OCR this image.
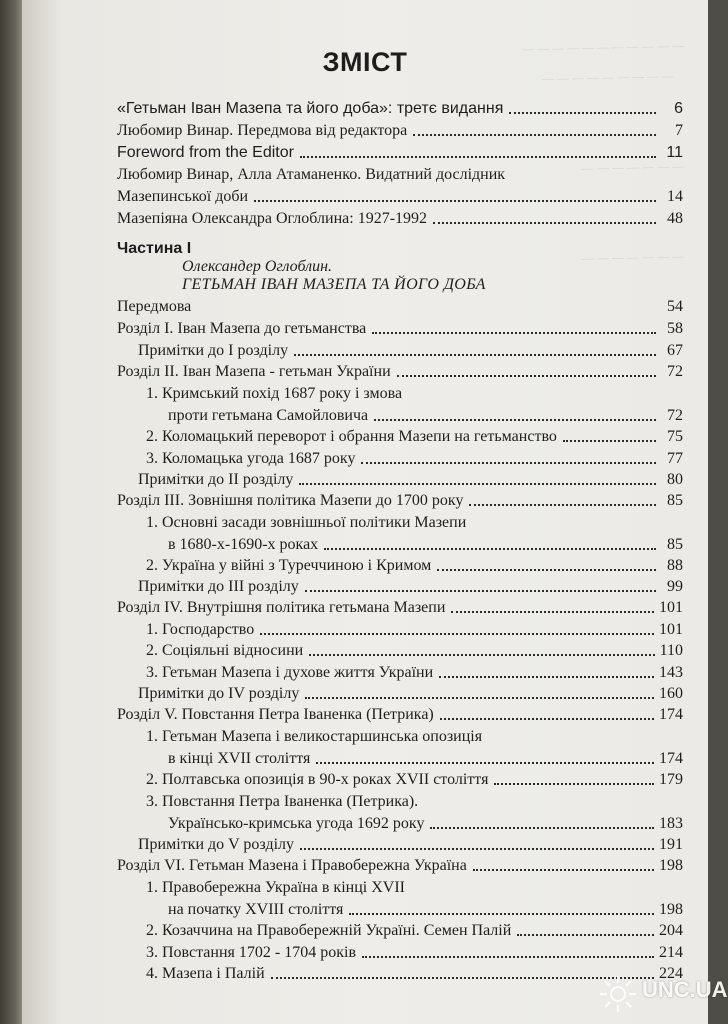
— — — — — — — — — — —
— — — — — — — — —
— — — — — — —
— — — — — — —
ЗМІСТ
«Гетьман Іван Мазепа та його доба»: третє видання	6
Любомир Винар. Передмова від редактора	7
Foreword from the Editor	11
Любомир Винар, Алла Атаманенко. Видатний дослідник
Мазепинської доби	14
Мазепіяна Олександра Оглоблина: 1927-1992	48
Частина І
Олександер Оглоблин.
ГЕТЬМАН ІВАН МАЗЕПА ТА ЙОГО ДОБА
Передмова	54
Розділ І. Іван Мазепа до гетьманства	58
Примітки до І розділу	67
Розділ II. Іван Мазепа - гетьман України	72
1. Кримський похід 1687 року і змова
проти гетьмана Самойловича	72
2. Коломацький переворот і обрання Мазепи на гетьманство	75
3. Коломацька угода 1687 року	77
Примітки до II розділу	80
Розділ III. Зовнішня політика Мазепи до 1700 року	85
1. Основні засади зовнішньої політики Мазепи
в 1680-х-1690-х роках	85
2. Україна у війні з Туреччиною і Кримом	88
Примітки до III розділу	99
Розділ IV. Внутрішня політика гетьмана Мазепи	101
1. Господарство	101
2. Соціяльні відносини	110
3. Гетьман Мазепа і духове життя України	143
Примітки до IV розділу	160
Розділ V. Повстання Петра Іваненка (Петрика)	174
1. Гетьман Мазепа і великостаршинська опозиція
в кінці XVII століття	174
2. Полтавська опозиція в 90-х роках XVII століття	179
3. Повстання Петра Іваненка (Петрика).
Українсько-кримська угода 1692 року	183
Примітки до V розділу	191
Розділ VI. Гетьман Мазена і Правобережна Україна	198
1. Правобережна Україна в кінці XVII
на початку XVIII століття	198
2. Козаччина на Правобережній Україні. Семен Палій	204
3. Повстання 1702 - 1704 років	214
4. Мазепа і Палій	224
UNC.UA
